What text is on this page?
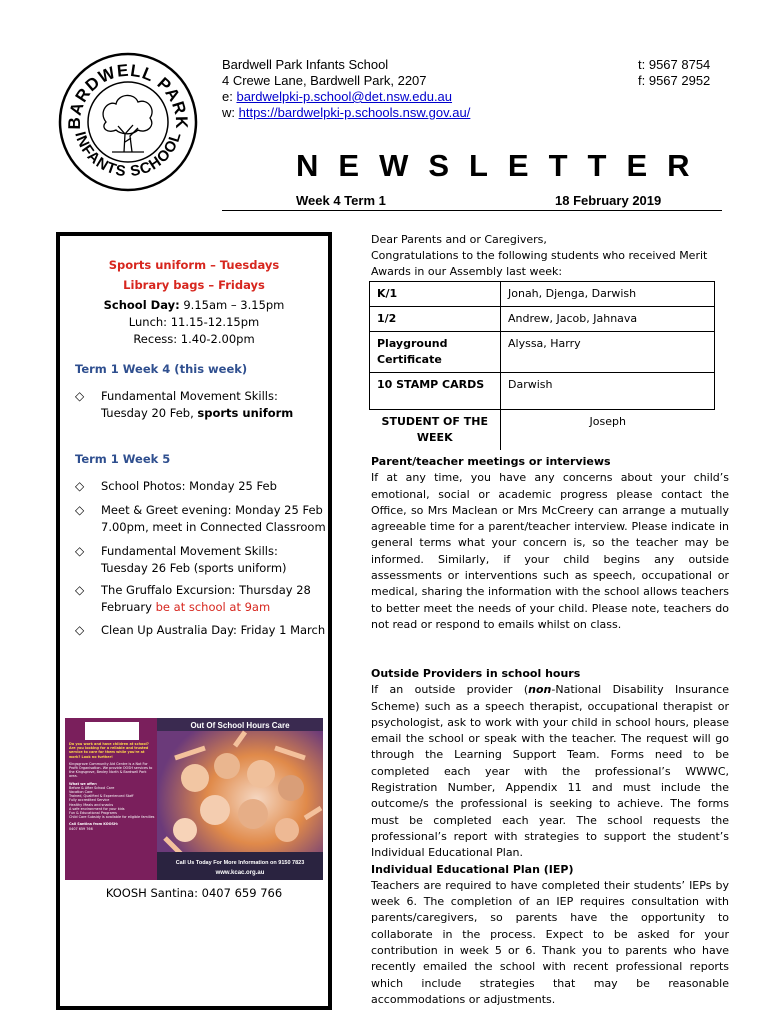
BARDWELL PARK
INFANTS SCHOOL
Bardwell Park Infants School
4 Crewe Lane, Bardwell Park, 2207
e: bardwelpki-p.school@det.nsw.edu.au
w: https://bardwelpki-p.schools.nsw.gov.au/
t: 9567 8754
f: 9567 2952
NEWSLETTER
Week 4 Term 1	18 February 2019
Sports uniform – Tuesdays
Library bags – Fridays
School Day: 9.15am – 3.15pm
Lunch: 11.15-12.15pm
Recess: 1.40-2.00pm
Term 1 Week 4 (this week)
◇	Fundamental Movement Skills: Tuesday 20 Feb, sports uniform
Term 1 Week 5
◇	School Photos: Monday 25 Feb
◇	Meet & Greet evening: Monday 25 Feb 7.00pm, meet in Connected Classroom
◇	Fundamental Movement Skills: Tuesday 26 Feb (sports uniform)
◇	The Gruffalo Excursion: Thursday 28 February be at school at 9am
◇	Clean Up Australia Day: Friday 1 March
Out Of School Hours Care
Do you work and have children at school? Are you looking for a reliable and trusted service to care for them while you're at work? Look no further!
Kingsgrove Community Aid Centre is a Not For Profit Organisation. We provide OOSH services to the Kingsgrove, Bexley North & Bardwell Park area.
What we offer:
Before & After School Care
Vacation Care
Trained, Qualified & Experienced Staff
Fully accredited Service
Healthy Meals and snacks
A safe environment for your kids
Fun & Educational Programs
Child Care Subsidy is available for eligible families
Call Santina from KOOSH:
0407 659 766
Call Us Today For More Information on 9150 7823
www.kcac.org.au
KOOSH Santina: 0407 659 766
Dear Parents and or Caregivers,
Congratulations to the following students who received Merit Awards in our Assembly last week:
K/1	Jonah, Djenga, Darwish
1/2	Andrew, Jacob, Jahnava
Playground Certificate	Alyssa, Harry
10 STAMP CARDS	Darwish
STUDENT OF THE WEEK	Joseph
Parent/teacher meetings or interviews
If at any time, you have any concerns about your child’s emotional, social or academic progress please contact the Office, so Mrs Maclean or Mrs McCreery can arrange a mutually agreeable time for a parent/teacher interview. Please indicate in general terms what your concern is, so the teacher may be informed. Similarly, if your child begins any outside assessments or interventions such as speech, occupational or medical, sharing the information with the school allows teachers to better meet the needs of your child. Please note, teachers do not read or respond to emails whilst on class.
Outside Providers in school hours
If an outside provider (non-National Disability Insurance Scheme) such as a speech therapist, occupational therapist or psychologist, ask to work with your child in school hours, please email the school or speak with the teacher. The request will go through the Learning Support Team. Forms need to be completed each year with the professional’s WWWC, Registration Number, Appendix 11 and must include the outcome/s the professional is seeking to achieve. The forms must be completed each year. The school requests the professional’s report with strategies to support the student’s Individual Educational Plan.
Individual Educational Plan (IEP)
Teachers are required to have completed their students’ IEPs by week 6. The completion of an IEP requires consultation with parents/caregivers, so parents have the opportunity to collaborate in the process. Expect to be asked for your contribution in week 5 or 6. Thank you to parents who have recently emailed the school with recent professional reports which include strategies that may be reasonable accommodations or adjustments.
